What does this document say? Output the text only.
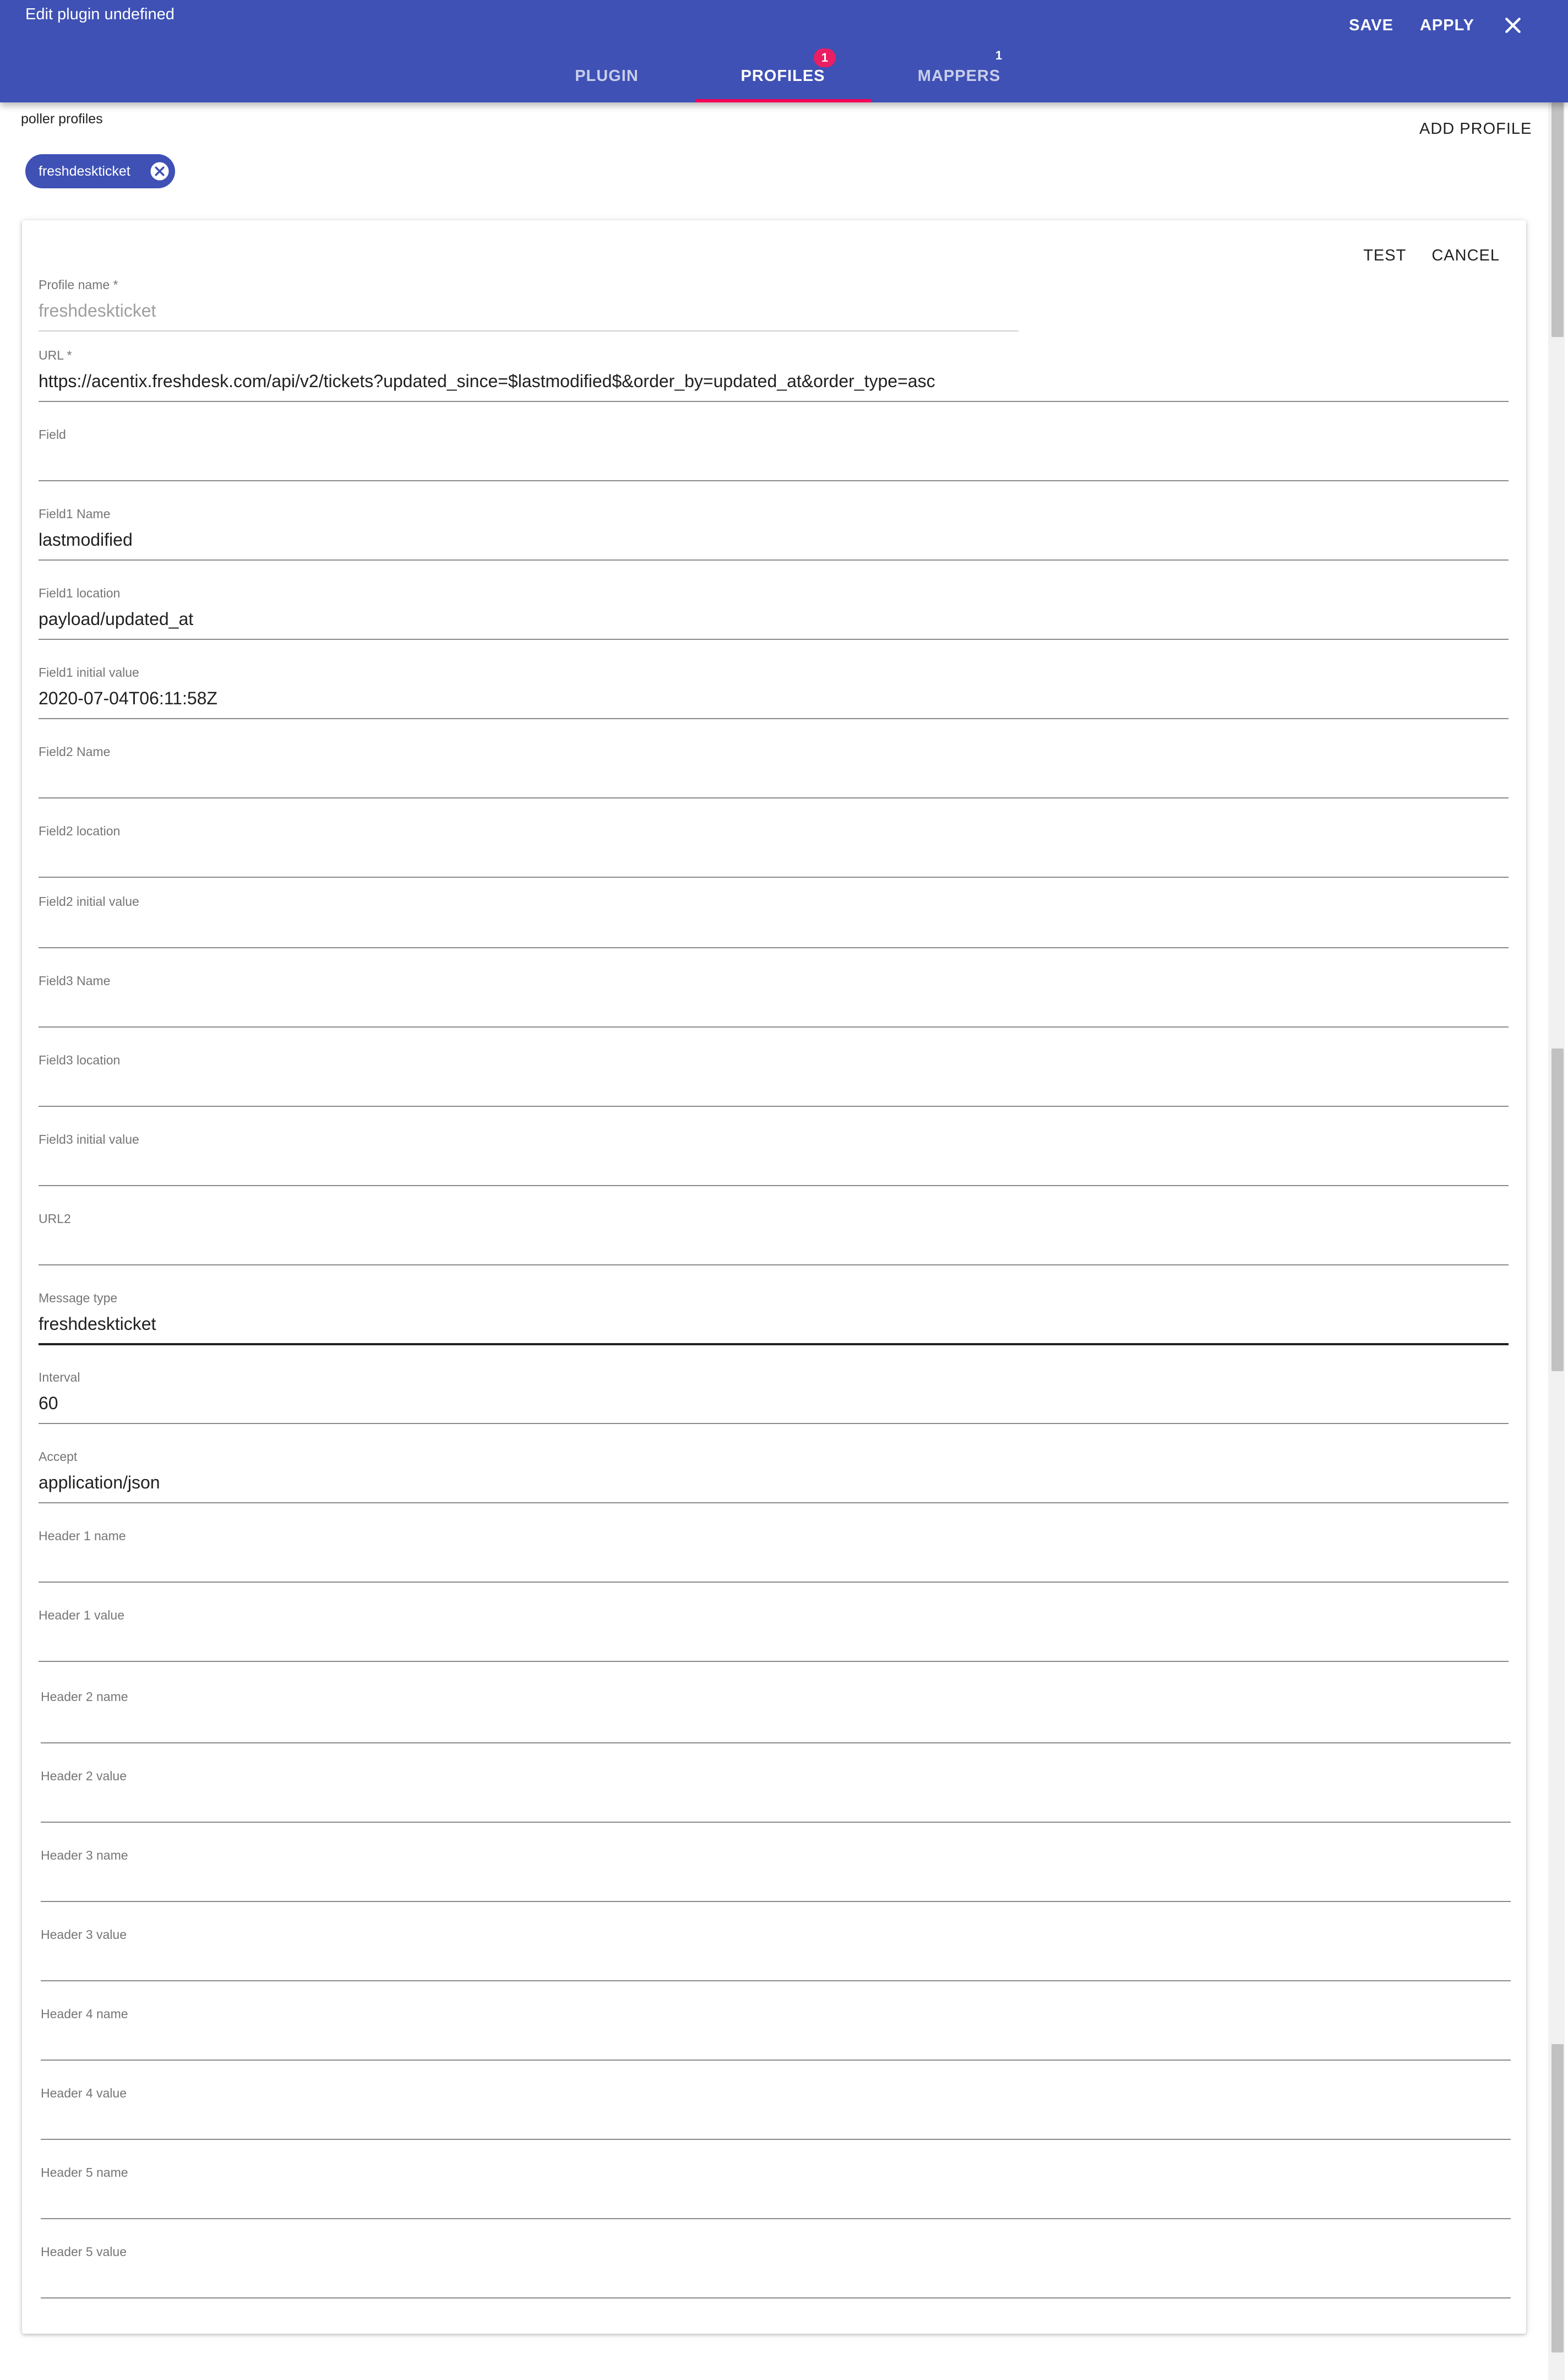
Edit plugin undefined
SAVE APPLY
PLUGIN	PROFILES	MAPPERS
1	1
poller profiles
ADD PROFILE
freshdeskticket
TEST CANCEL
Profile name *
freshdeskticket
URL *
https://acentix.freshdesk.com/api/v2/tickets?updated_since=$lastmodified$&order_by=updated_at&order_type=asc
Field
Field1 Name
lastmodified
Field1 location
payload/updated_at
Field1 initial value
2020-07-04T06:11:58Z
Field2 Name
Field2 location
Field2 initial value
Field3 Name
Field3 location
Field3 initial value
URL2
Message type
freshdeskticket
Interval
60
Accept
application/json
Header 1 name
Header 1 value
Header 2 name
Header 2 value
Header 3 name
Header 3 value
Header 4 name
Header 4 value
Header 5 name
Header 5 value
